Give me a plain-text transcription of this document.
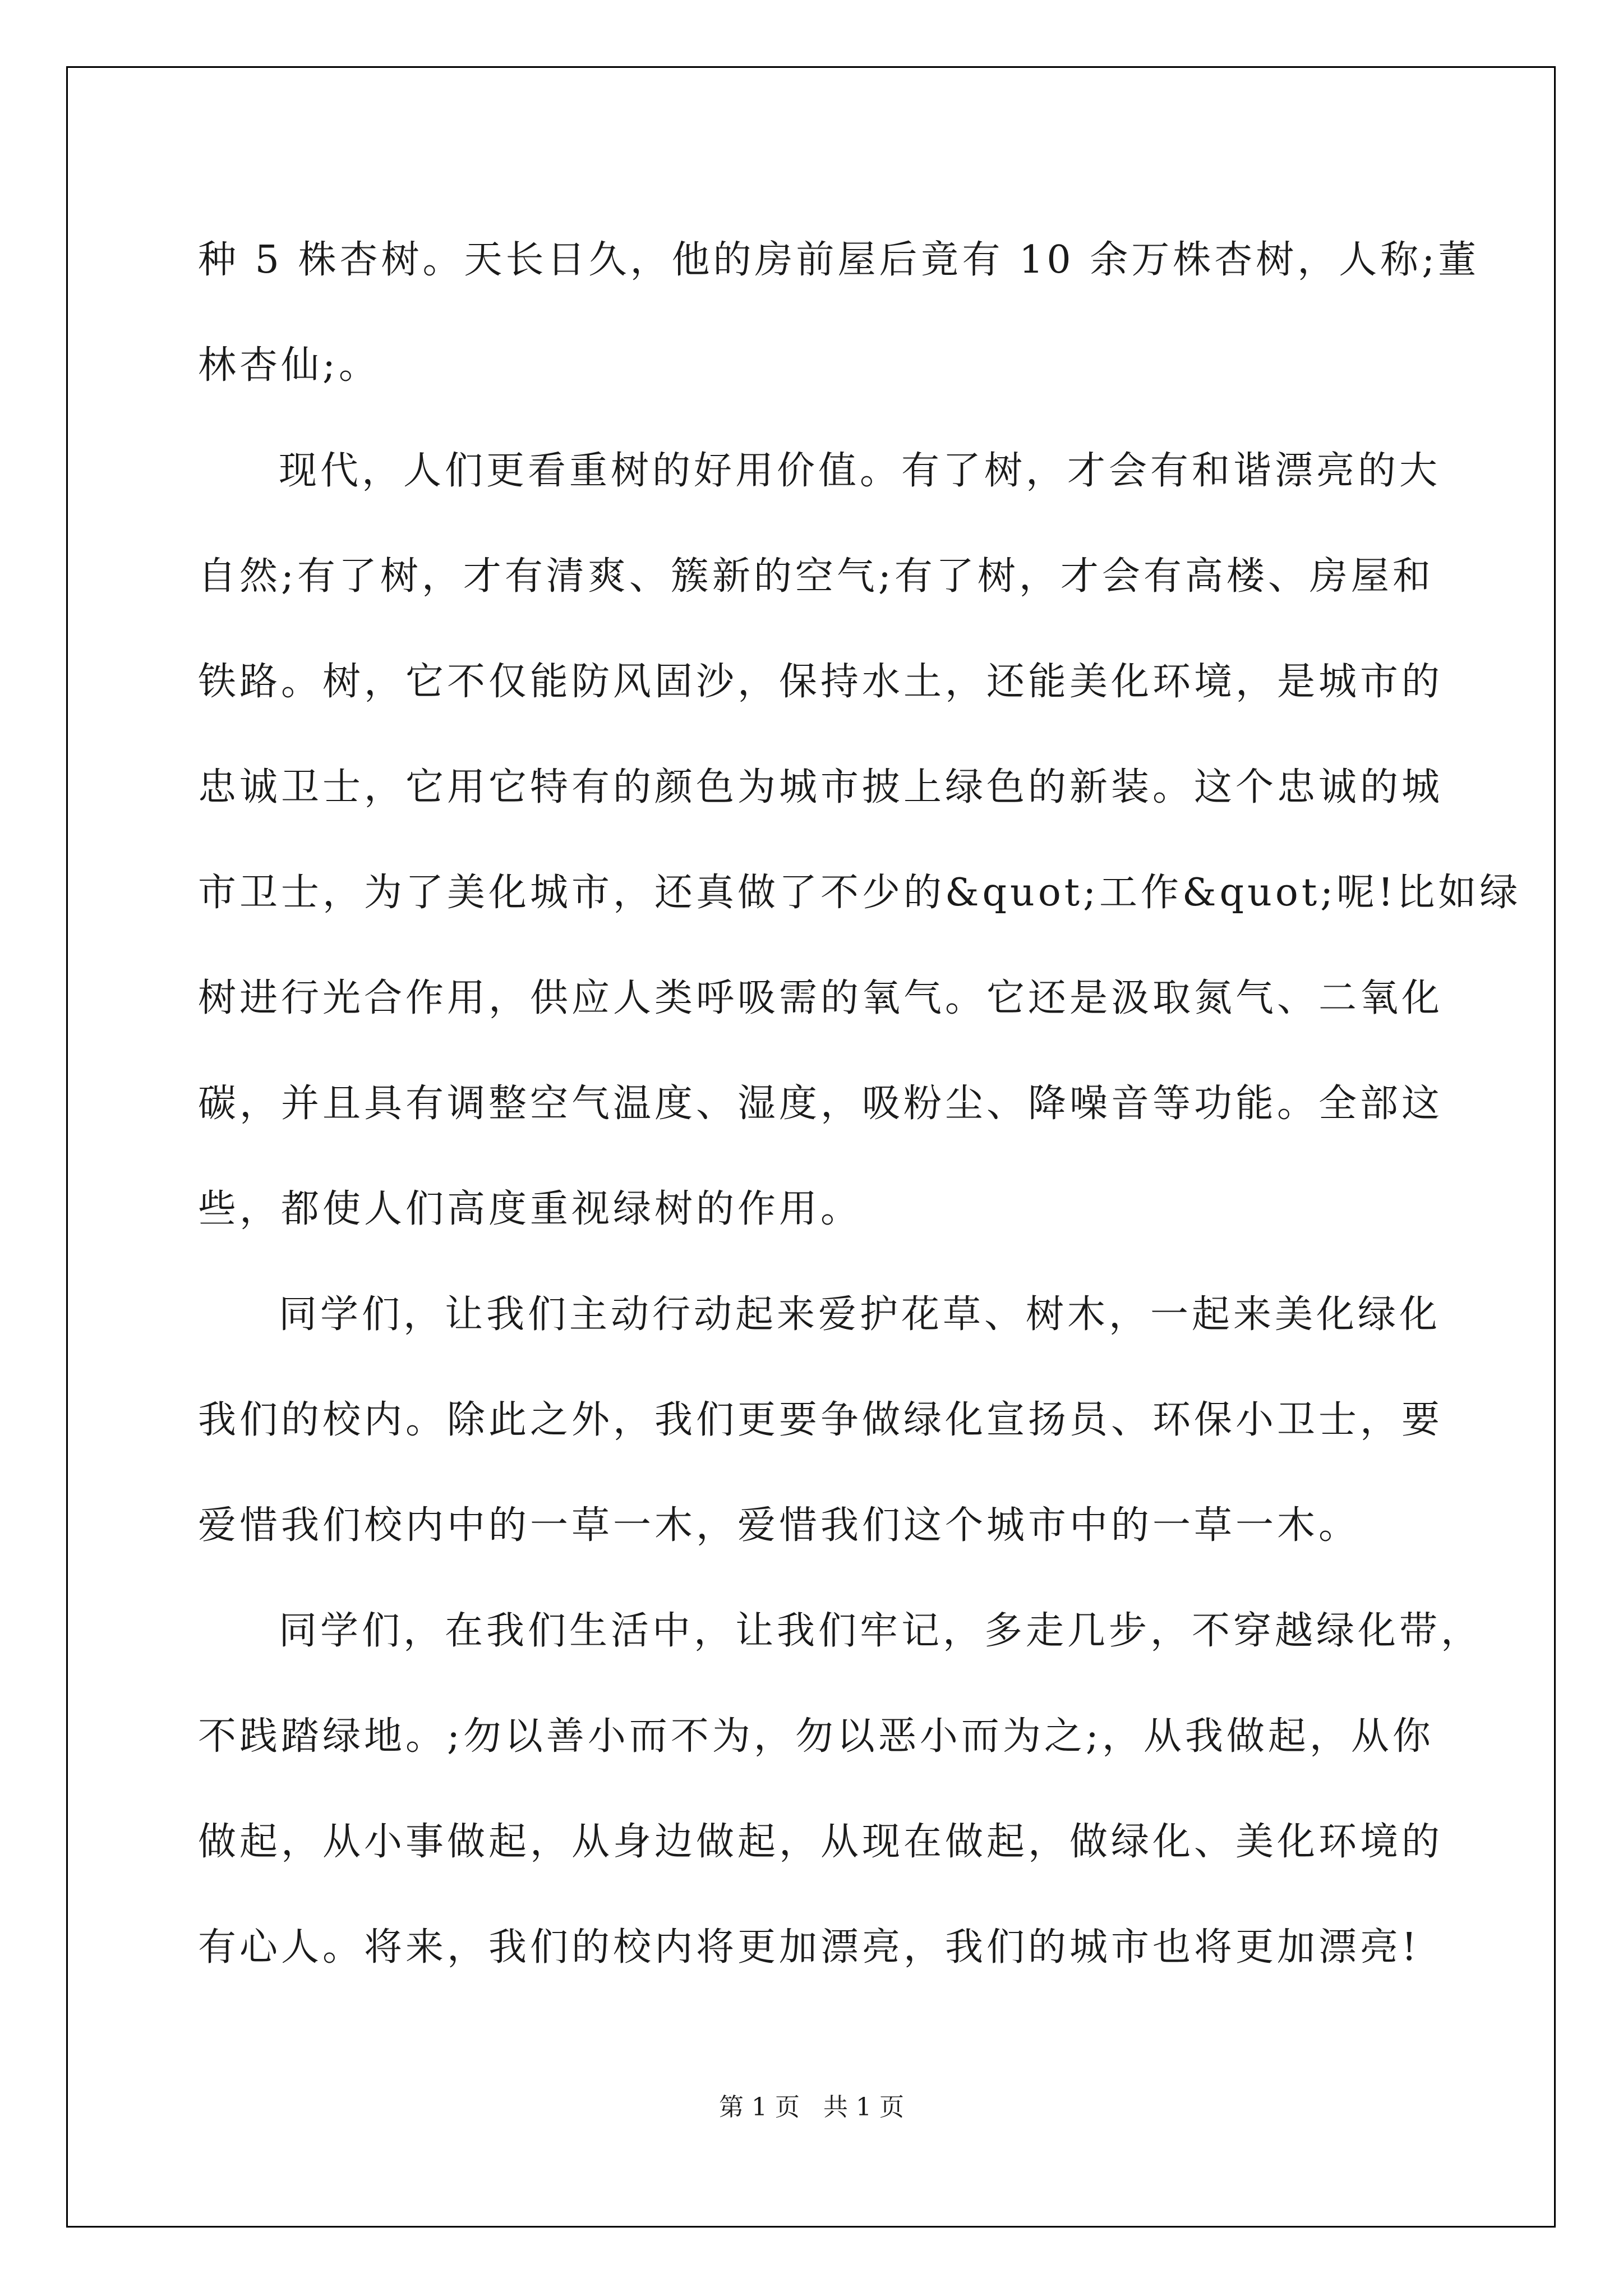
种 5 株杏树。天长日久，他的房前屋后竟有 10 余万株杏树，人称;董
林杏仙;。
现代，人们更看重树的好用价值。有了树，才会有和谐漂亮的大
自然;有了树，才有清爽、簇新的空气;有了树，才会有高楼、房屋和
铁路。树，它不仅能防风固沙，保持水土，还能美化环境，是城市的
忠诚卫士，它用它特有的颜色为城市披上绿色的新装。这个忠诚的城
市卫士，为了美化城市，还真做了不少的&quot;工作&quot;呢!比如绿
树进行光合作用，供应人类呼吸需的氧气。它还是汲取氮气、二氧化
碳，并且具有调整空气温度、湿度，吸粉尘、降噪音等功能。全部这
些，都使人们高度重视绿树的作用。
同学们，让我们主动行动起来爱护花草、树木，一起来美化绿化
我们的校内。除此之外，我们更要争做绿化宣扬员、环保小卫士，要
爱惜我们校内中的一草一木，爱惜我们这个城市中的一草一木。
同学们，在我们生活中，让我们牢记，多走几步，不穿越绿化带，
不践踏绿地。;勿以善小而不为，勿以恶小而为之;，从我做起，从你
做起，从小事做起，从身边做起，从现在做起，做绿化、美化环境的
有心人。将来，我们的校内将更加漂亮，我们的城市也将更加漂亮!
第 1 页   共 1 页
